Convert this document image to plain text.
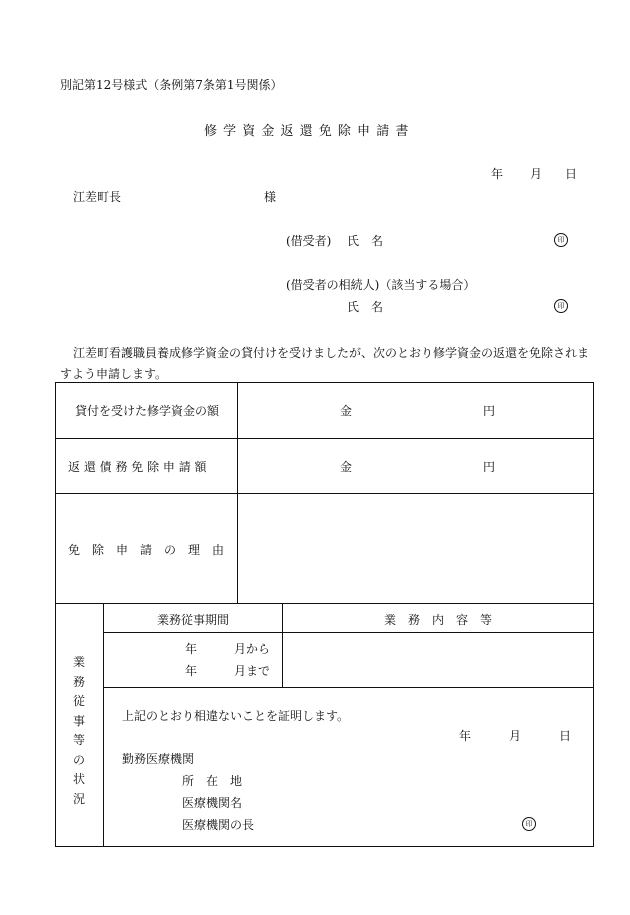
別記第12号様式（条例第7条第1号関係）
修 学 資 金 返 還 免 除 申 請 書
年 月 日
江差町長	様
(借受者) 氏　名	印
(借受者の相続人)（該当する場合）
氏　名	印
江差町看護職員養成修学資金の貸付けを受けましたが、次のとおり修学資金の返還を免除されま
すよう申請します。
貸付を受けた修学資金の額	金	円
返 還 債 務 免 除 申 請 額	金	円
免　除　申　請　の　理　由
業
務
従
事
等
の
状
況
業務従事期間	業　務　内　容　等
年	月から
年	月まで
上記のとおり相違ないことを証明します。
年	月	日
勤務医療機関
所　在　地
医療機関名
医療機関の長	印
